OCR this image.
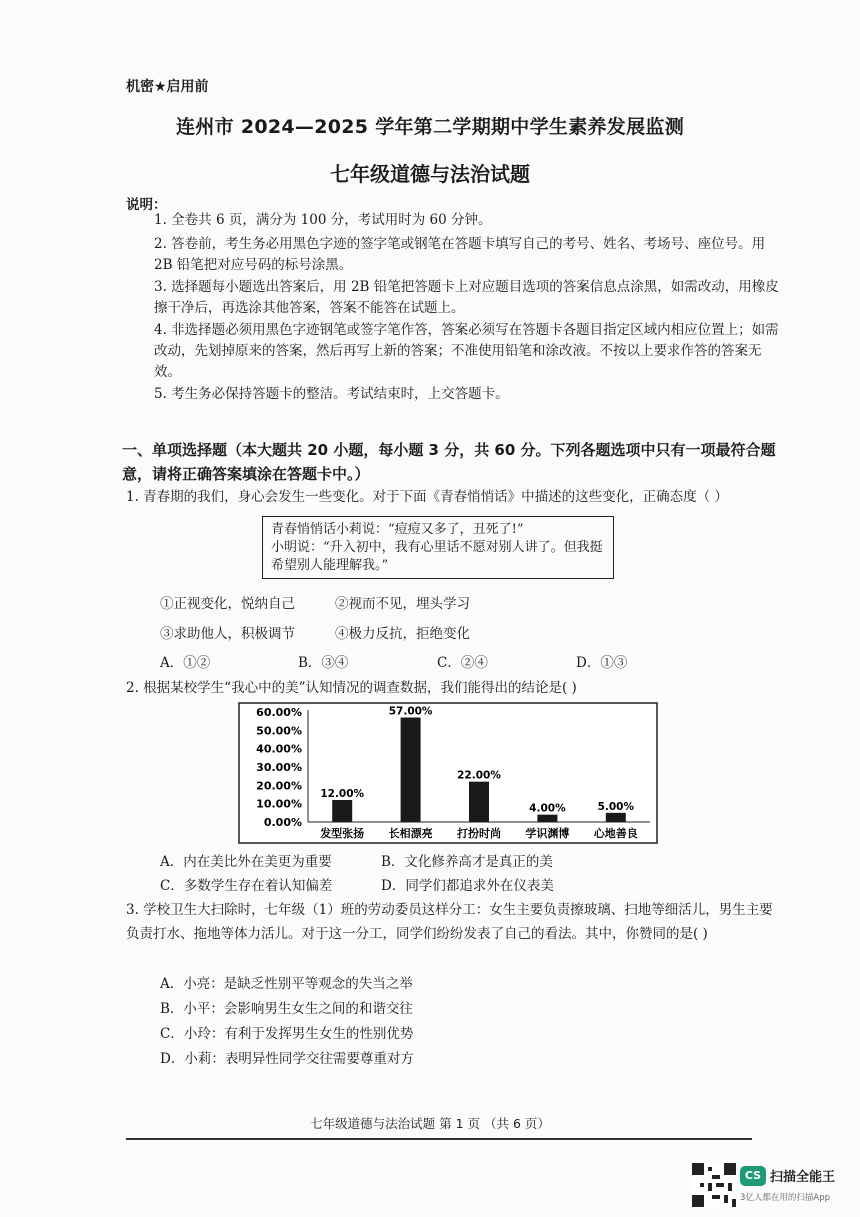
机密★启用前
连州市 2024—2025 学年第二学期期中学生素养发展监测
七年级道德与法治试题
说明：
1. 全卷共 6 页，满分为 100 分，考试用时为 60 分钟。
2. 答卷前，考生务必用黑色字迹的签字笔或钢笔在答题卡填写自己的考号、姓名、考场号、座位号。用 2B 铅笔把对应号码的标号涂黑。
3. 选择题每小题选出答案后，用 2B 铅笔把答题卡上对应题目选项的答案信息点涂黑，如需改动，用橡皮擦干净后，再选涂其他答案，答案不能答在试题上。
4. 非选择题必须用黑色字迹钢笔或签字笔作答，答案必须写在答题卡各题目指定区域内相应位置上；如需改动，先划掉原来的答案，然后再写上新的答案；不准使用铅笔和涂改液。不按以上要求作答的答案无效。
5. 考生务必保持答题卡的整洁。考试结束时，上交答题卡。
一、单项选择题（本大题共 20 小题，每小题 3 分，共 60 分。下列各题选项中只有一项最符合题意，请将正确答案填涂在答题卡中。）
1. 青春期的我们，身心会发生一些变化。对于下面《青春悄悄话》中描述的这些变化，正确态度（ ）
青春悄悄话小莉说：“痘痘又多了，丑死了!”
小明说：“升入初中，我有心里话不愿对别人讲了。但我挺希望别人能理解我。”
①正视变化，悦纳自己	②视而不见，埋头学习
③求助他人，积极调节	④极力反抗，拒绝变化
A．①②	B．③④	C．②④	D．①③
2. 根据某校学生“我心中的美”认知情况的调查数据，我们能得出的结论是( )
0.00%
10.00%
20.00%
30.00%
40.00%
50.00%
60.00%
12.00%
57.00%
22.00%
4.00%	5.00%
发型张扬 长相漂亮 打扮时尚 学识渊博 心地善良
A．内在美比外在美更为重要	B．文化修养高才是真正的美
C．多数学生存在着认知偏差	D．同学们都追求外在仪表美
3. 学校卫生大扫除时，七年级（1）班的劳动委员这样分工：女生主要负责擦玻璃、扫地等细活儿，男生主要负责打水、拖地等体力活儿。对于这一分工，同学们纷纷发表了自己的看法。其中，你赞同的是( )
A．小亮：是缺乏性别平等观念的失当之举
B．小平：会影响男生女生之间的和谐交往
C．小玲：有利于发挥男生女生的性别优势
D．小莉：表明异性同学交往需要尊重对方
七年级道德与法治试题 第 1 页 （共 6 页）
CS 扫描全能王
3亿人都在用的扫描App
